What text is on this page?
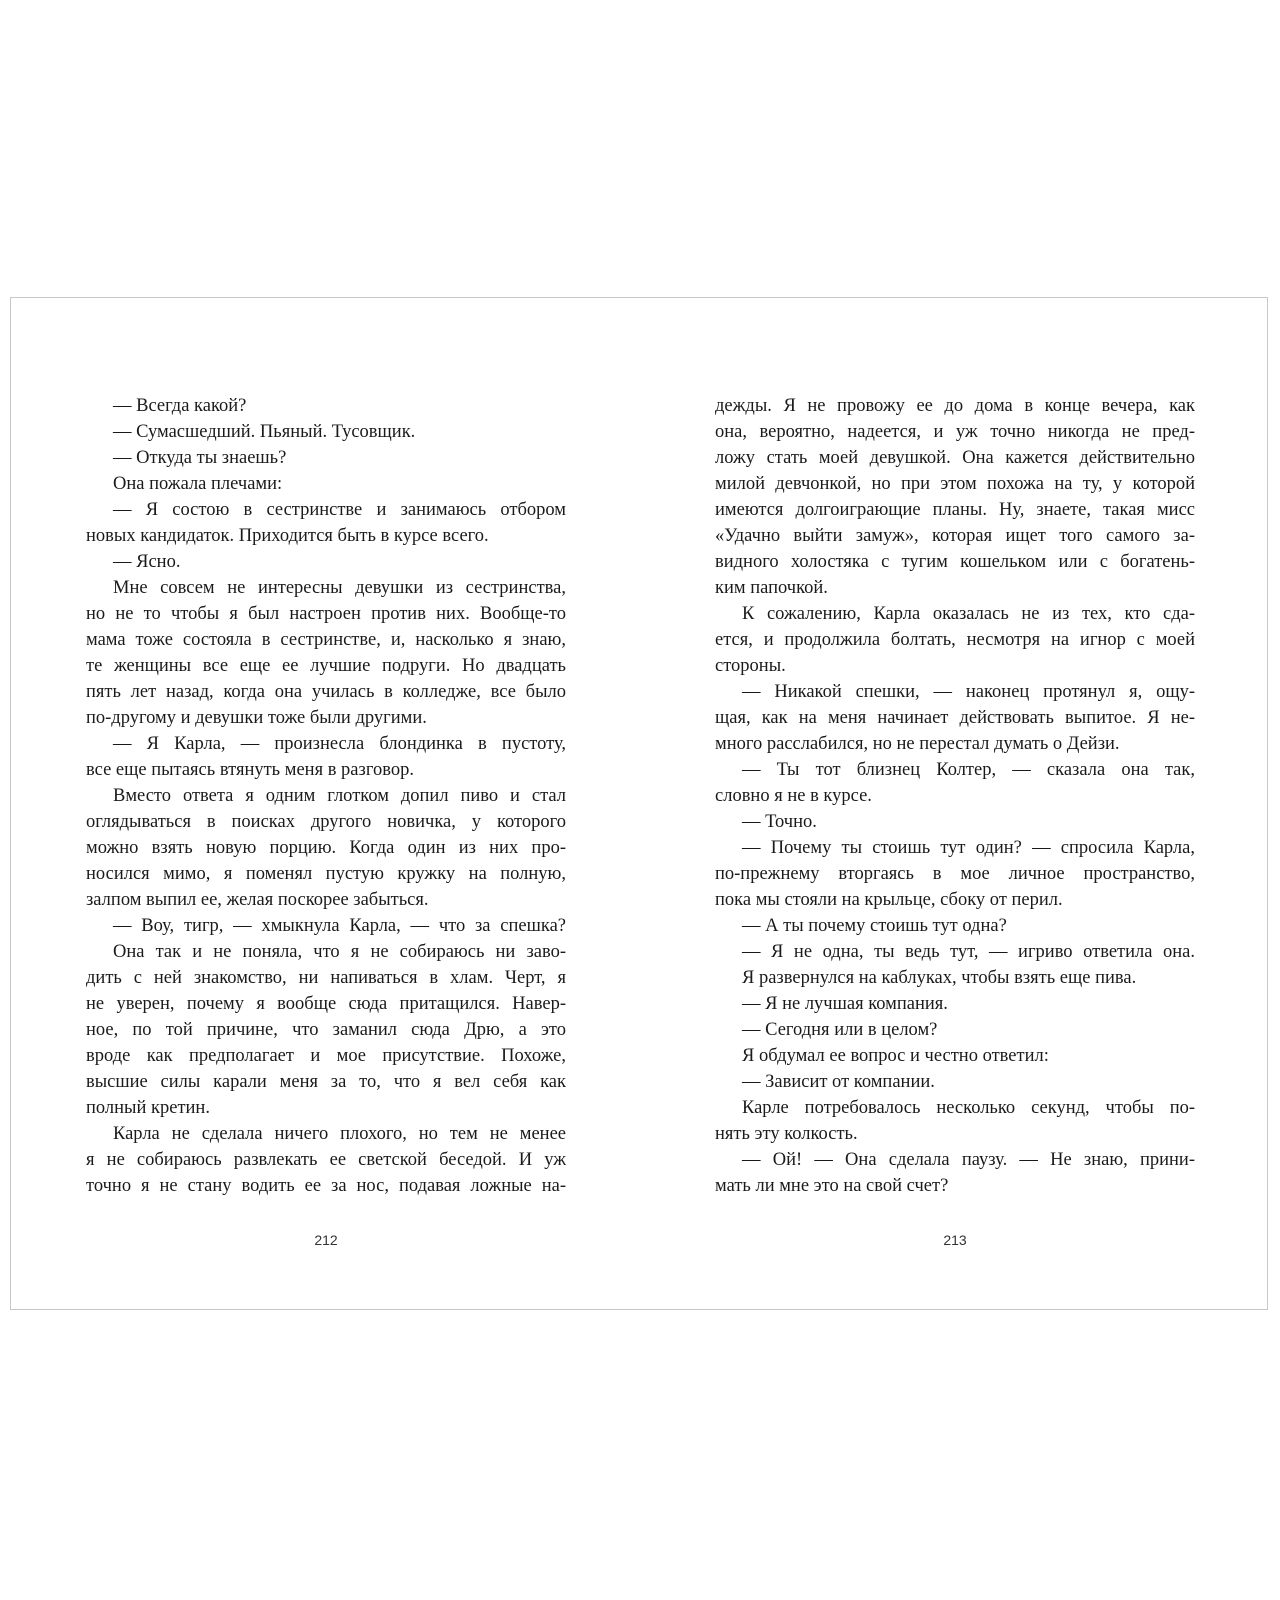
— Всегда какой?
— Сумасшедший. Пьяный. Тусовщик.
— Откуда ты знаешь?
Она пожала плечами:
— Я состою в сестринстве и занимаюсь отбором
новых кандидаток. Приходится быть в курсе всего.
— Ясно.
Мне совсем не интересны девушки из сестринства,
но не то чтобы я был настроен против них. Вообще-то
мама тоже состояла в сестринстве, и, насколько я знаю,
те женщины все еще ее лучшие подруги. Но двадцать
пять лет назад, когда она училась в колледже, все было
по-другому и девушки тоже были другими.
— Я Карла, — произнесла блондинка в пустоту,
все еще пытаясь втянуть меня в разговор.
Вместо ответа я одним глотком допил пиво и стал
оглядываться в поисках другого новичка, у которого
можно взять новую порцию. Когда один из них про-
носился мимо, я поменял пустую кружку на полную,
залпом выпил ее, желая поскорее забыться.
— Воу, тигр, — хмыкнула Карла, — что за спешка?
Она так и не поняла, что я не собираюсь ни заво-
дить с ней знакомство, ни напиваться в хлам. Черт, я
не уверен, почему я вообще сюда притащился. Навер-
ное, по той причине, что заманил сюда Дрю, а это
вроде как предполагает и мое присутствие. Похоже,
высшие силы карали меня за то, что я вел себя как
полный кретин.
Карла не сделала ничего плохого, но тем не менее
я не собираюсь развлекать ее светской беседой. И уж
точно я не стану водить ее за нос, подавая ложные на-
дежды. Я не провожу ее до дома в конце вечера, как
она, вероятно, надеется, и уж точно никогда не пред-
ложу стать моей девушкой. Она кажется действительно
милой девчонкой, но при этом похожа на ту, у которой
имеются долгоиграющие планы. Ну, знаете, такая мисс
«Удачно выйти замуж», которая ищет того самого за-
видного холостяка с тугим кошельком или с богатень-
ким папочкой.
К сожалению, Карла оказалась не из тех, кто сда-
ется, и продолжила болтать, несмотря на игнор с моей
стороны.
— Никакой спешки, — наконец протянул я, ощу-
щая, как на меня начинает действовать выпитое. Я не-
много расслабился, но не перестал думать о Дейзи.
— Ты тот близнец Колтер, — сказала она так,
словно я не в курсе.
— Точно.
— Почему ты стоишь тут один? — спросила Карла,
по-прежнему вторгаясь в мое личное пространство,
пока мы стояли на крыльце, сбоку от перил.
— А ты почему стоишь тут одна?
— Я не одна, ты ведь тут, — игриво ответила она.
Я развернулся на каблуках, чтобы взять еще пива.
— Я не лучшая компания.
— Сегодня или в целом?
Я обдумал ее вопрос и честно ответил:
— Зависит от компании.
Карле потребовалось несколько секунд, чтобы по-
нять эту колкость.
— Ой! — Она сделала паузу. — Не знаю, прини-
мать ли мне это на свой счет?
212	213
